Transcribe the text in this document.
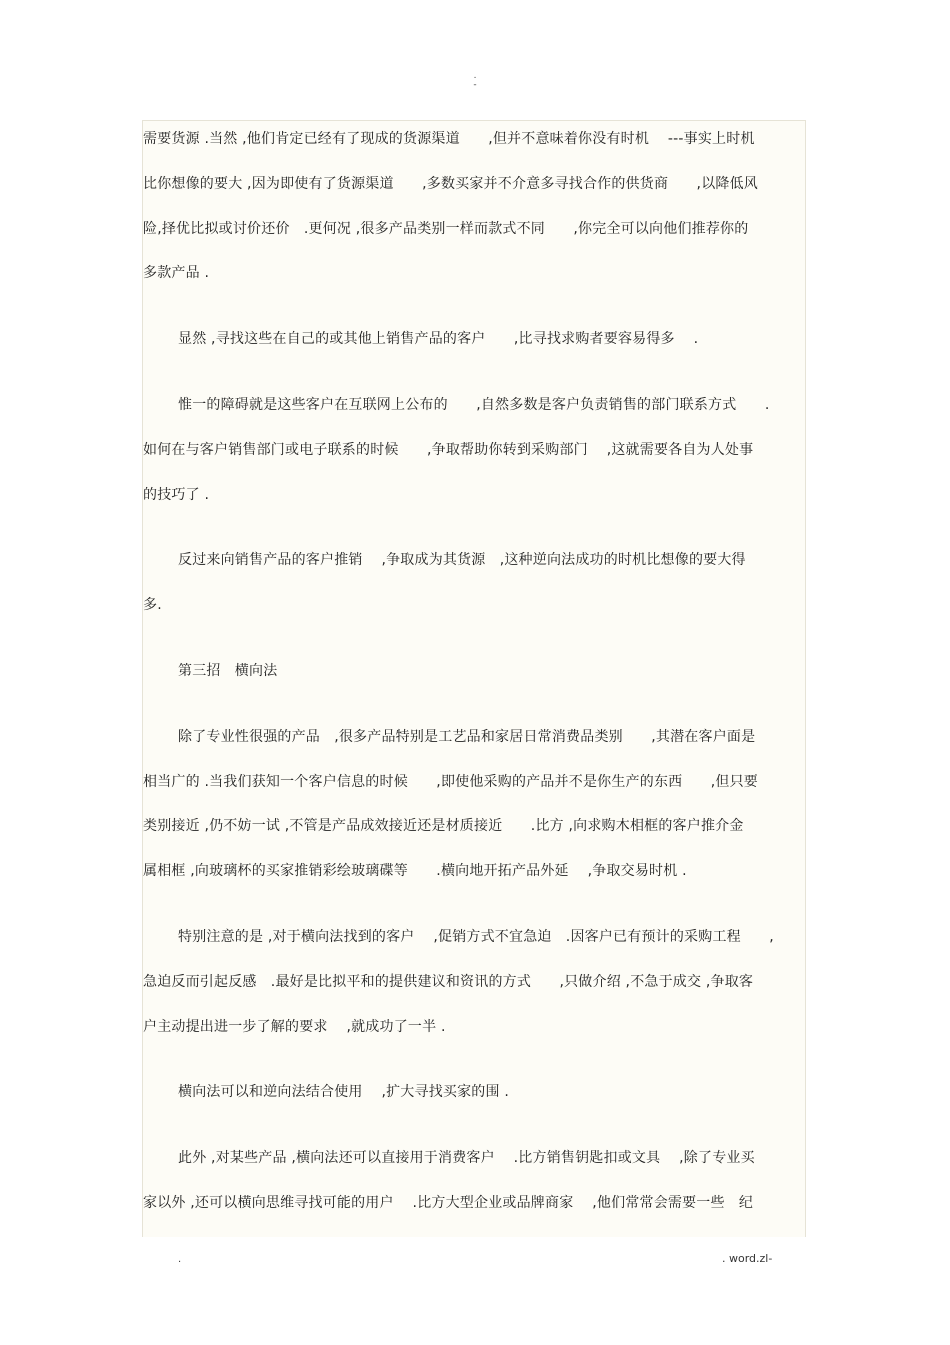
.
-

需要货源 .当然 ,他们肯定已经有了现成的货源渠道　　,但并不意味着你没有时机　 ---事实上时机

比你想像的要大 ,因为即使有了货源渠道　　,多数买家并不介意多寻找合作的供货商　　,以降低风

险,择优比拟或讨价还价　.更何况 ,很多产品类别一样而款式不同　　,你完全可以向他们推荐你的

多款产品 .

显然 ,寻找这些在自己的或其他上销售产品的客户　　,比寻找求购者要容易得多　 .

惟一的障碍就是这些客户在互联网上公布的　　,自然多数是客户负责销售的部门联系方式　　.

如何在与客户销售部门或电子联系的时候　　,争取帮助你转到采购部门　 ,这就需要各自为人处事

的技巧了 .

反过来向销售产品的客户推销　 ,争取成为其货源　,这种逆向法成功的时机比想像的要大得

多.

第三招　横向法

除了专业性很强的产品　,很多产品特别是工艺品和家居日常消费品类别　　,其潜在客户面是

相当广的 .当我们获知一个客户信息的时候　　,即使他采购的产品并不是你生产的东西　　,但只要

类别接近 ,仍不妨一试 ,不管是产品成效接近还是材质接近　　.比方 ,向求购木相框的客户推介金

属相框 ,向玻璃杯的买家推销彩绘玻璃碟等　　.横向地开拓产品外延　 ,争取交易时机 .

特别注意的是 ,对于横向法找到的客户　 ,促销方式不宜急迫　.因客户已有预计的采购工程　　,

急迫反而引起反感　.最好是比拟平和的提供建议和资讯的方式　　,只做介绍 ,不急于成交 ,争取客

户主动提出进一步了解的要求　 ,就成功了一半 .

横向法可以和逆向法结合使用　 ,扩大寻找买家的围 .

此外 ,对某些产品 ,横向法还可以直接用于消费客户　 .比方销售钥匙扣或文具　 ,除了专业买

家以外 ,还可以横向思维寻找可能的用户　 .比方大型企业或品牌商家　 ,他们常常会需要一些　纪

.	. word.zl-
